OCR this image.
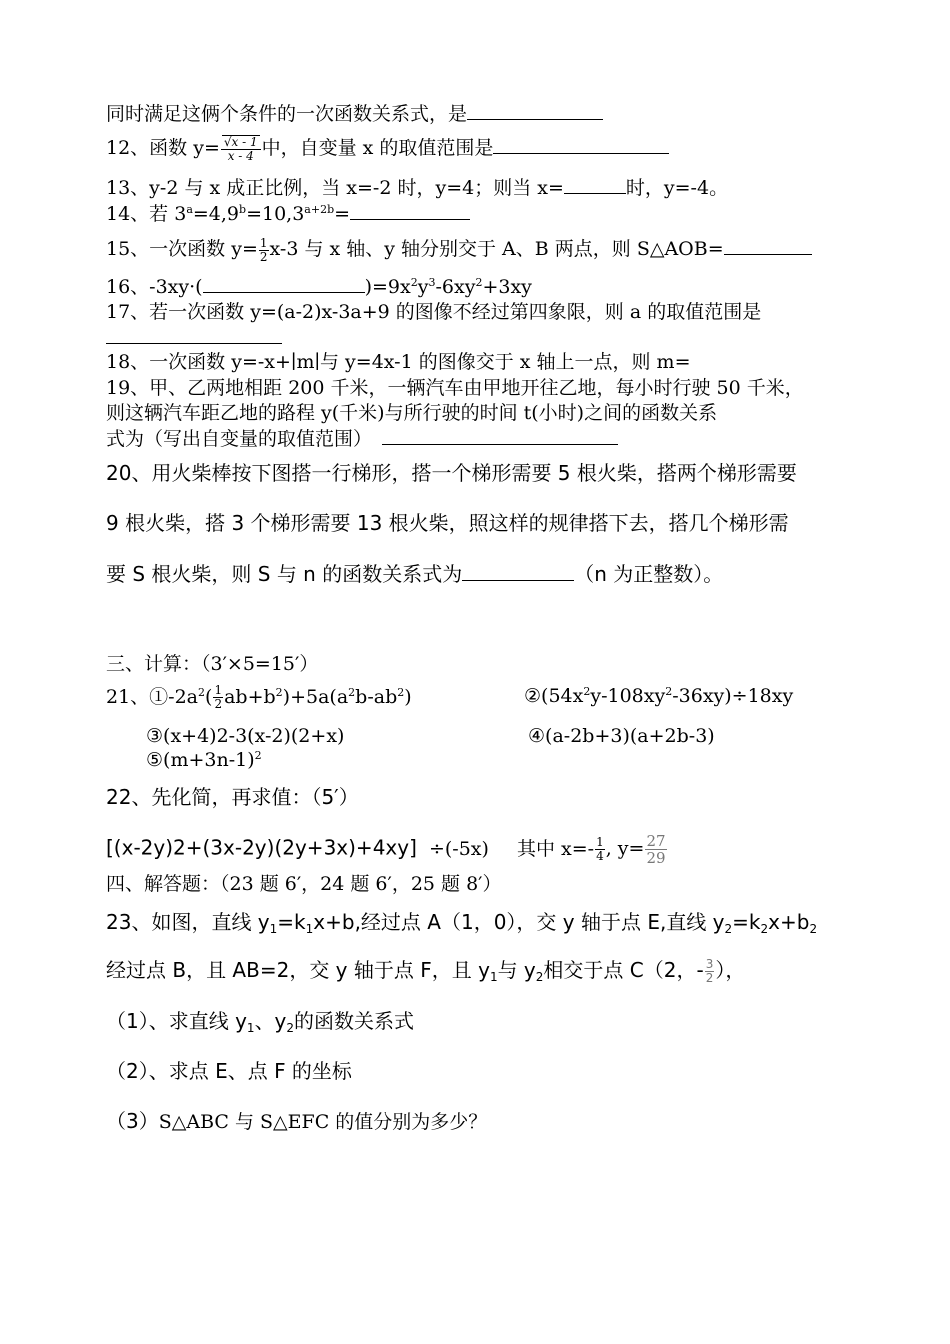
同时满足这俩个条件的一次函数关系式，是
12、函数 $y= \frac{√x - 1}{x - 4}$ 中，自变量 x 的取值范围是
13、y-2 与 x 成正比例，当 x=-2 时，y=4；则当 x=	时，y=-4。
14、若 $3^a=4,9^b=10,3^{a+2b}=$
15、一次函数 $y= \frac{1}{2} x-3$ 与 x 轴、y 轴分别交于 A、B 两点，则 S△AOB=
16、-3xy·(	)$=9x^2y^3-6xy^2+3xy$
17、若一次函数 y=(a-2)x-3a+9 的图像不经过第四象限，则 a 的取值范围是
18、一次函数 y=-x+∣m∣与 y=4x-1 的图像交于 x 轴上一点，则 m=
19、甲、乙两地相距 200 千米，一辆汽车由甲地开往乙地，每小时行驶 50 千米，
则这辆汽车距乙地的路程 y(千米)与所行驶的时间 t(小时)之间的函数关系
式为（写出自变量的取值范围）
20、用火柴棒按下图搭一行梯形，搭一个梯形需要 5 根火柴，搭两个梯形需要
9 根火柴，搭 3 个梯形需要 13 根火柴，照这样的规律搭下去，搭几个梯形需
要 S 根火柴，则 S 与 n 的函数关系式为	（n 为正整数）。
三、计算：（3′×5=15′）
21、$①-2a^2( \frac{1}{2} ab+b^2)+5a(a^2b-ab^2)$	$②(54x^2y-108xy^2-36xy)\div 18xy$
③(x+4)2-3(x-2)(2+x)	④(a-2b+3)(a+2b-3)
$⑤(m+3n-1)^2$
22、先化简，再求值：（5′）
[(x-2y)2+(3x-2y)(2y+3x)+4xy] ÷(-5x) 其中 $x=- \frac{1}{4}$ , $y= \frac{27}{29}$
四、解答题：（23 题 6′，24 题 6′，25 题 8′）
23、如图，直线 $y_1=k_1x+b$,经过点 A（1，0），交 y 轴于点 E,直线 $y_2=k_2x+b_2$
经过点 B，且 AB=2，交 y 轴于点 F，且 $y_1$与 $y_2$相交于点 C（2，- $\frac{3}{2}$ ），
（1）、求直线 $y_1$、$y_2$的函数关系式
（2）、求点 E、点 F 的坐标
（3）S△ABC 与 S△EFC 的值分别为多少？
